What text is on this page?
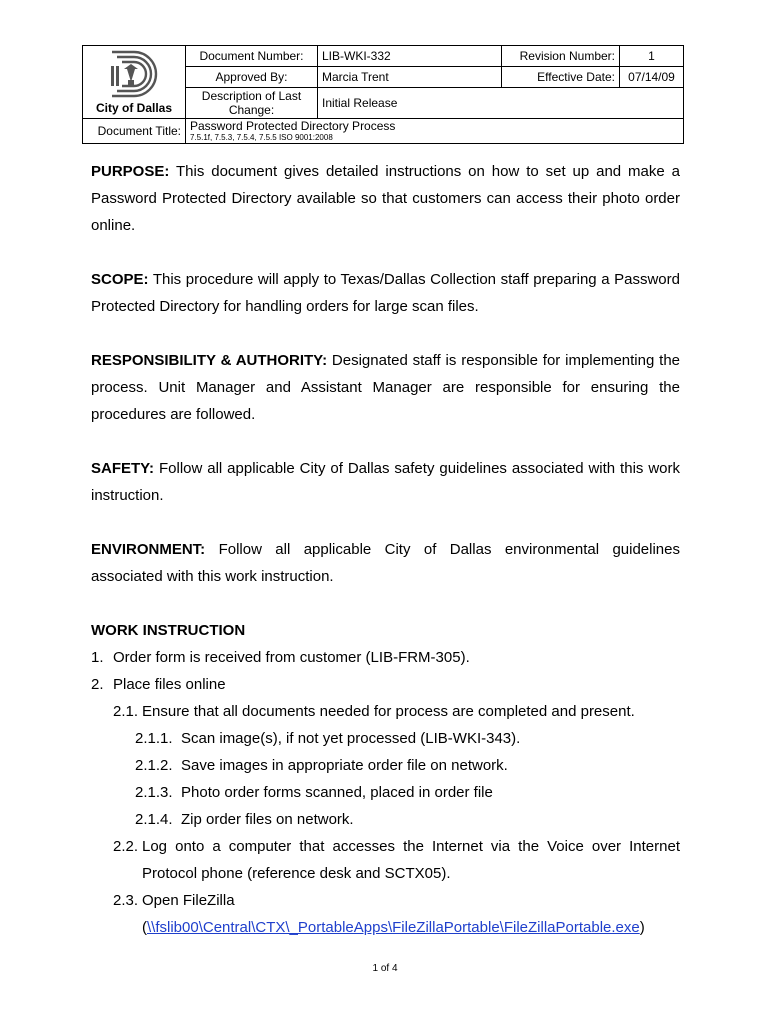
City of Dallas	Document Number:	LIB-WKI-332	Revision Number:	1
	Approved By:	Marcia Trent	Effective Date:	07/14/09
	Description of Last Change:	Initial Release		
Document Title:	Password Protected Directory Process
7.5.1f, 7.5.3, 7.5.4, 7.5.5 ISO 9001:2008			

PURPOSE: This document gives detailed instructions on how to set up and make a Password Protected Directory available so that customers can access their photo order online.

SCOPE: This procedure will apply to Texas/Dallas Collection staff preparing a Password Protected Directory for handling orders for large scan files.

RESPONSIBILITY & AUTHORITY: Designated staff is responsible for implementing the process. Unit Manager and Assistant Manager are responsible for ensuring the procedures are followed.

SAFETY: Follow all applicable City of Dallas safety guidelines associated with this work instruction.

ENVIRONMENT: Follow all applicable City of Dallas environmental guidelines associated with this work instruction.

WORK INSTRUCTION

1. Order form is received from customer (LIB-FRM-305).
2. Place files online
2.1. Ensure that all documents needed for process are completed and present.
2.1.1. Scan image(s), if not yet processed (LIB-WKI-343).
2.1.2. Save images in appropriate order file on network.
2.1.3. Photo order forms scanned, placed in order file
2.1.4. Zip order files on network.
2.2. Log onto a computer that accesses the Internet via the Voice over Internet Protocol phone (reference desk and SCTX05).
2.3. Open FileZilla
(\\fslib00\Central\CTX\_PortableApps\FileZillaPortable\FileZillaPortable.exe)
1 of 4
